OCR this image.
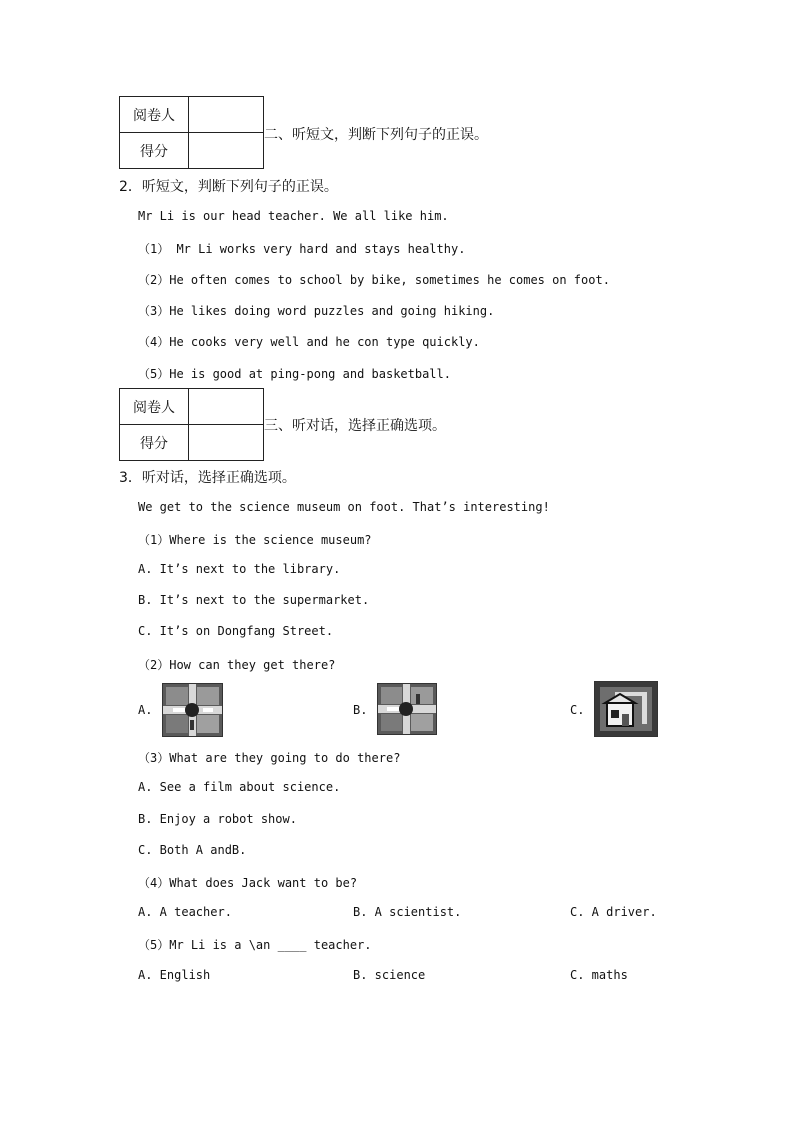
阅卷人	
得分	
二、听短文，判断下列句子的正误。
2．听短文，判断下列句子的正误。
Mr Li is our head teacher. We all like him.
（1） Mr Li works very hard and stays healthy.
（2）He often comes to school by bike, sometimes he comes on foot.
（3）He likes doing word puzzles and going hiking.
（4）He cooks very well and he con type quickly.
（5）He is good at ping-pong and basketball.
阅卷人	
得分	
三、听对话，选择正确选项。
3．听对话，选择正确选项。
We get to the science museum on foot. That’s interesting!
（1）Where is the science museum?
A. It’s next to the library.
B. It’s next to the supermarket.
C. It’s on Dongfang Street.
（2）How can they get there?
A.	B.	C.
（3）What are they going to do there?
A. See a film about science.
B. Enjoy a robot show.
C. Both A andB.
（4）What does Jack want to be?
A. A teacher.	B. A scientist.	C. A driver.
（5）Mr Li is a \an ____ teacher.
A. English	B. science	C. maths
